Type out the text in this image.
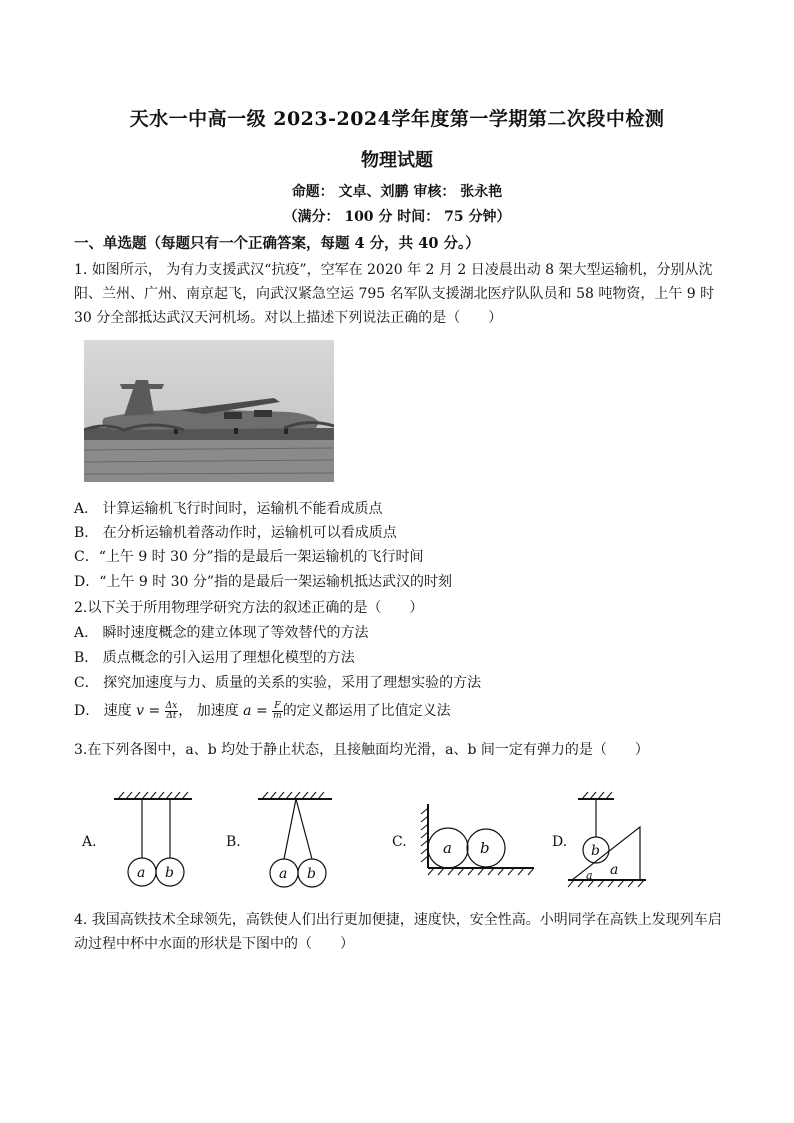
天水一中高一级 2023-2024学年度第一学期第二次段中检测
物理试题
命题： 文卓、刘鹏 审核： 张永艳
（满分： 100 分 时间： 75 分钟）
一、单选题（每题只有一个正确答案，每题 4 分，共 40 分。）
1. 如图所示， 为有力支援武汉“抗疫”，空军在 2020 年 2 月 2 日凌晨出动 8 架大型运输机，分别从沈阳、兰州、广州、南京起飞，向武汉紧急空运 795 名军队支援湖北医疗队队员和 58 吨物资，上午 9 时 30 分全部抵达武汉天河机场。对以上描述下列说法正确的是（　　）
A． 计算运输机飞行时间时，运输机不能看成质点
B． 在分析运输机着落动作时，运输机可以看成质点
C．“上午 9 时 30 分”指的是最后一架运输机的飞行时间
D．“上午 9 时 30 分”指的是最后一架运输机抵达武汉的时刻
2.以下关于所用物理学研究方法的叙述正确的是（　　）
A． 瞬时速度概念的建立体现了等效替代的方法
B． 质点概念的引入运用了理想化模型的方法
C． 探究加速度与力、质量的关系的实验，采用了理想实验的方法
D． 速度 $v = \frac{\Delta x}{\Delta t}$ ， 加速度 $a = \frac{F}{m}$ 的定义都运用了比值定义法
3.在下列各图中，a、b 均处于静止状态，且接触面均光滑，a、b 间一定有弹力的是（　　）
A.
a b
B.
a b
C. a b	D.
b
a
a
4. 我国高铁技术全球领先，高铁使人们出行更加便捷，速度快，安全性高。小明同学在高铁上发现列车启动过程中杯中水面的形状是下图中的（　　）
